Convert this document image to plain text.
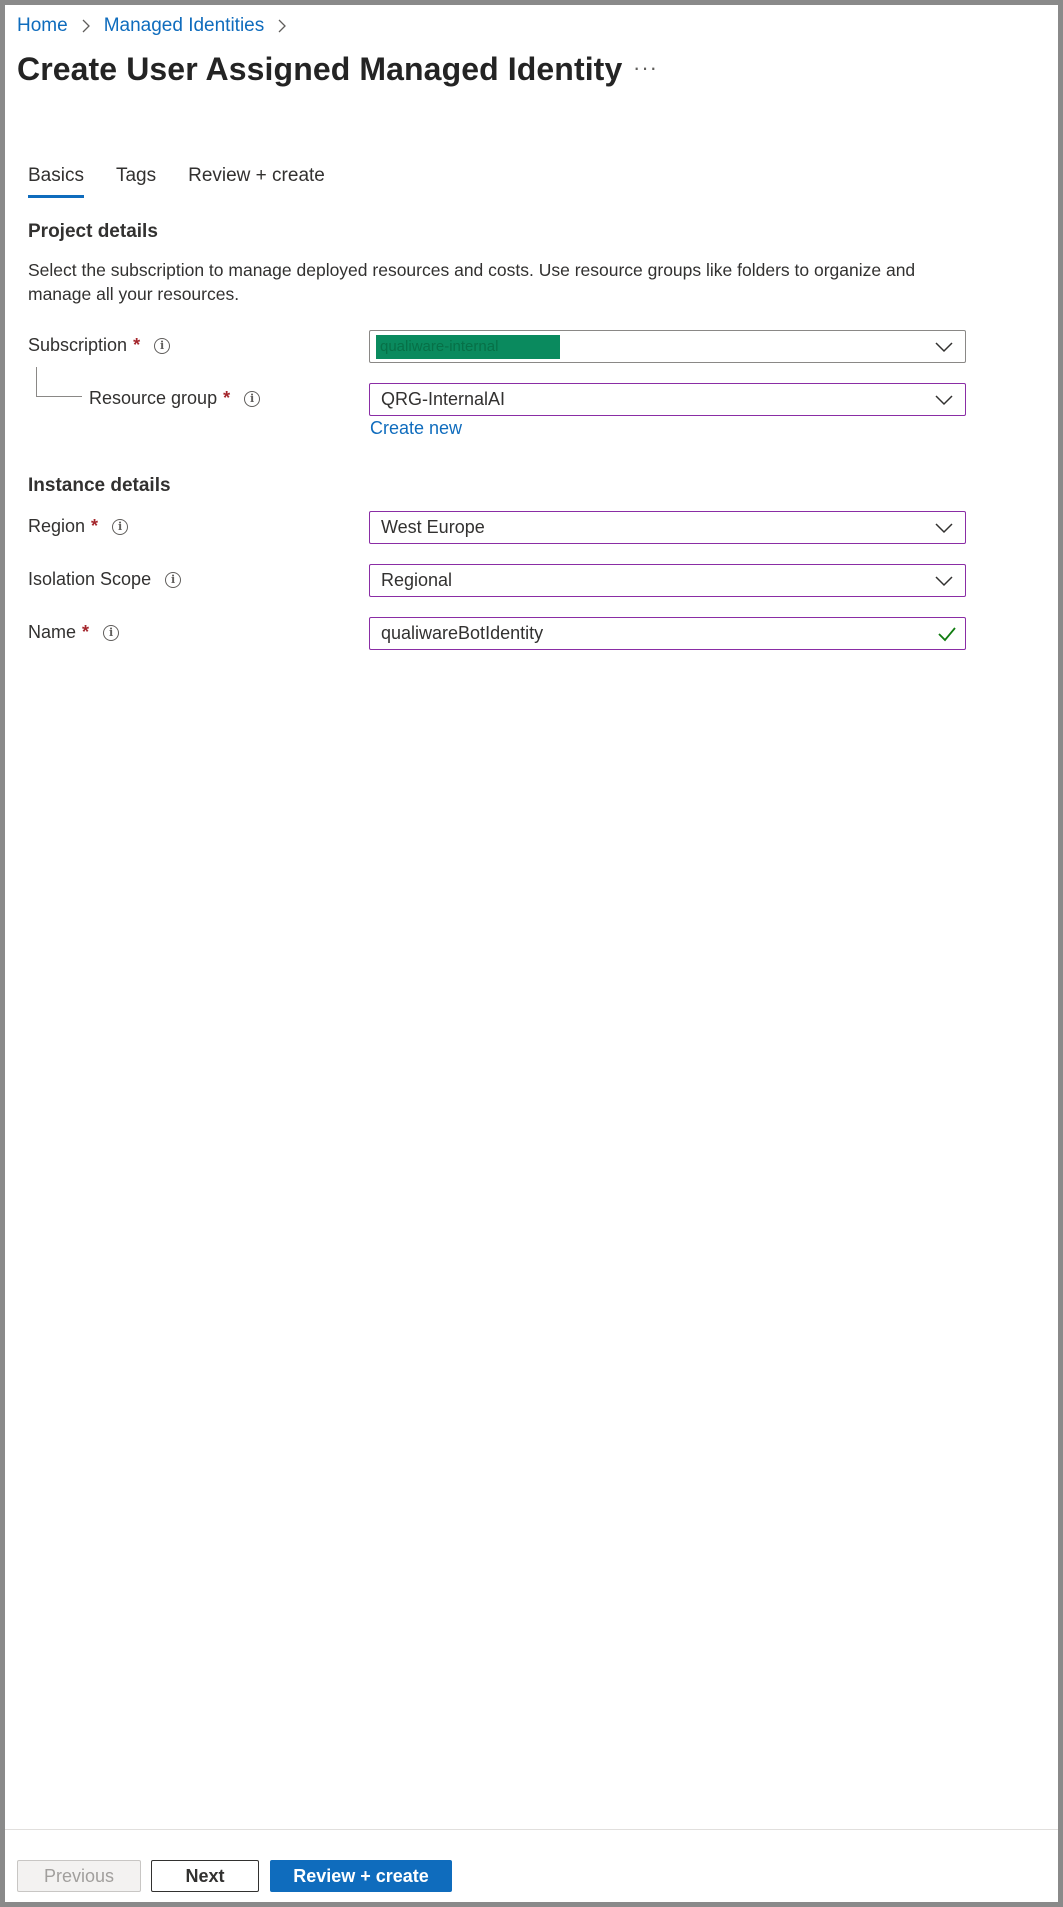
Home Managed Identities
Create User Assigned Managed Identity ···
Basics Tags Review + create
Project details

Select the subscription to manage deployed resources and costs. Use resource groups like folders to organize and manage all your resources.

Subscription *	i	qualiware-internal
Resource group *	i	QRG-InternalAI
Create new
Instance details
Region *	i	West Europe
Isolation Scope	i	Regional
Name *	i	qualiwareBotIdentity
Previous	Next	Review + create
